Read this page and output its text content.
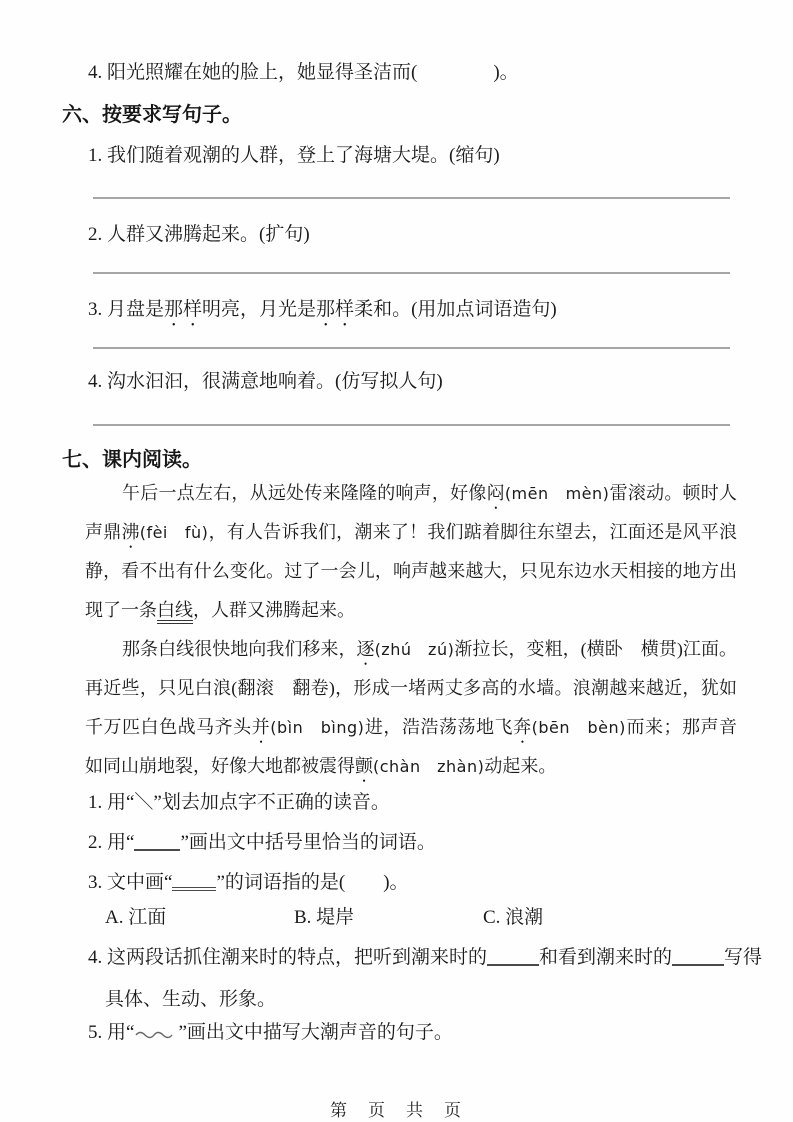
4. 阳光照耀在她的脸上，她显得圣洁而(　　　　)。
六、按要求写句子。
1. 我们随着观潮的人群，登上了海塘大堤。(缩句)
2. 人群又沸腾起来。(扩句)
3. 月盘是那样明亮，月光是那样柔和。(用加点词语造句)
4. 沟水汩汩，很满意地响着。(仿写拟人句)
七、课内阅读。
午后一点左右，从远处传来隆隆的响声，好像闷(mēn　mèn)雷滚动。顿时人
声鼎沸(fèi　fù)，有人告诉我们，潮来了！我们踮着脚往东望去，江面还是风平浪
静，看不出有什么变化。过了一会儿，响声越来越大，只见东边水天相接的地方出
现了一条白线，人群又沸腾起来。
那条白线很快地向我们移来，逐(zhú　zú)渐拉长，变粗，(横卧　横贯)江面。
再近些，只见白浪(翻滚　翻卷)，形成一堵两丈多高的水墙。浪潮越来越近，犹如
千万匹白色战马齐头并(bìn　bìng)进，浩浩荡荡地飞奔(bēn　bèn)而来；那声音
如同山崩地裂，好像大地都被震得颤(chàn　zhàn)动起来。
1. 用“＼”划去加点字不正确的读音。
2. 用“ ”画出文中括号里恰当的词语。
3. 文中画“ ”的词语指的是(　　)。
A. 江面	B. 堤岸	C. 浪潮
4. 这两段话抓住潮来时的特点，把听到潮来时的	和看到潮来时的	写得
具体、生动、形象。
5. 用“ ”画出文中描写大潮声音的句子。
第　页　共　页
